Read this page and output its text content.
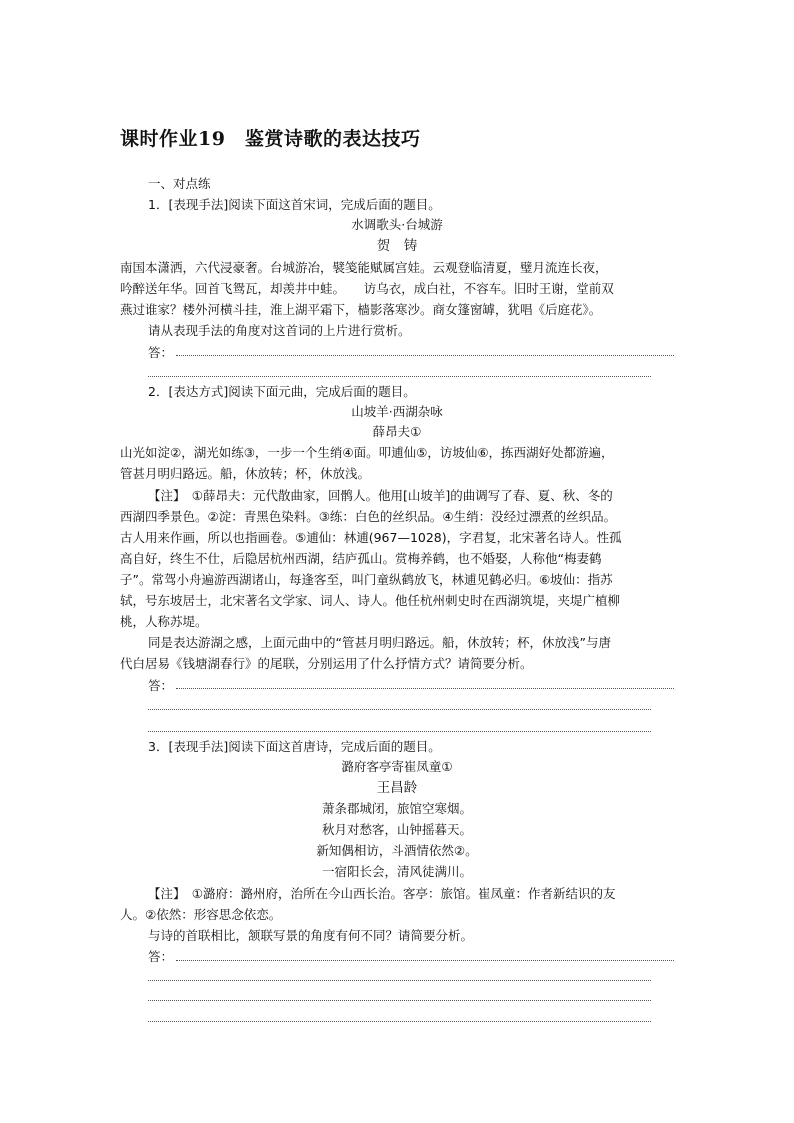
课时作业19　鉴赏诗歌的表达技巧
一、对点练
1．[表现手法]阅读下面这首宋词，完成后面的题目。
水调歌头·台城游
贺　铸
南国本潇洒，六代浸豪奢。台城游冶，襞笺能赋属宫娃。云观登临清夏，璧月流连长夜，
吟醉送年华。回首飞鸳瓦，却羡井中蛙。　　访乌衣，成白社，不容车。旧时王谢，堂前双
燕过谁家？楼外河横斗挂，淮上湖平霜下，樯影落寒沙。商女篷窗罅，犹唱《后庭花》。
请从表现手法的角度对这首词的上片进行赏析。
答：
2．[表达方式]阅读下面元曲，完成后面的题目。
山坡羊·西湖杂咏
薛昂夫①
山光如淀②，湖光如练③，一步一个生绡④面。叩逋仙⑤，访坡仙⑥，拣西湖好处都游遍，
管甚月明归路远。船，休放转；杯，休放浅。
【注】　①薛昂夫：元代散曲家，回鹘人。他用[山坡羊]的曲调写了春、夏、秋、冬的
西湖四季景色。②淀：青黑色染料。③练：白色的丝织品。④生绡：没经过漂煮的丝织品。
古人用来作画，所以也指画卷。⑤逋仙：林逋(967—1028)，字君复，北宋著名诗人。性孤
高自好，终生不仕，后隐居杭州西湖，结庐孤山。赏梅养鹤，也不婚娶，人称他“梅妻鹤
子”。常驾小舟遍游西湖诸山，每逢客至，叫门童纵鹤放飞，林逋见鹤必归。⑥坡仙：指苏
轼，号东坡居士，北宋著名文学家、词人、诗人。他任杭州刺史时在西湖筑堤，夹堤广植柳
桃，人称苏堤。
同是表达游湖之感，上面元曲中的“管甚月明归路远。船，休放转；杯，休放浅”与唐
代白居易《钱塘湖春行》的尾联，分别运用了什么抒情方式？请简要分析。
答：
3．[表现手法]阅读下面这首唐诗，完成后面的题目。
潞府客亭寄崔凤童①
王昌龄
萧条郡城闭，旅馆空寒烟。
秋月对愁客，山钟摇暮天。
新知偶相访，斗酒情依然②。
一宿阳长会，清风徒满川。
【注】　①潞府：潞州府，治所在今山西长治。客亭：旅馆。崔凤童：作者新结识的友
人。②依然：形容思念依恋。
与诗的首联相比，颔联写景的角度有何不同？请简要分析。
答：
